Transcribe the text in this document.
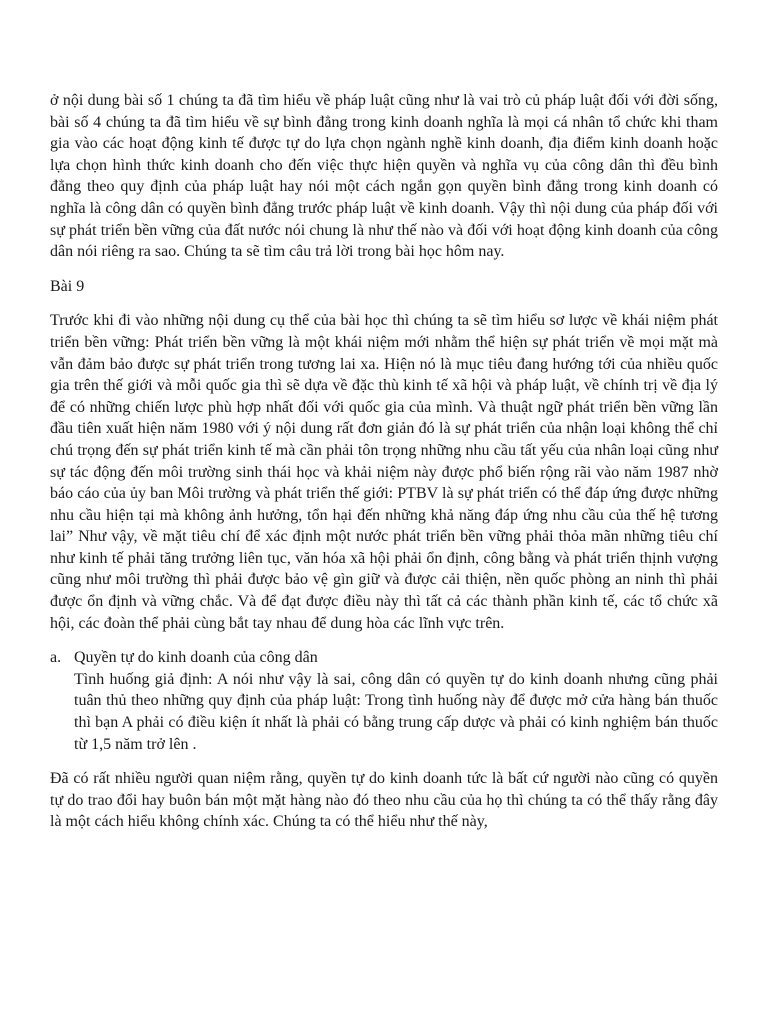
ở nội dung bài số 1 chúng ta đã tìm hiểu về pháp luật cũng như là vai trò củ pháp luật đối với đời sống, bài số 4 chúng ta đã tìm hiểu về sự bình đẳng trong kinh doanh nghĩa là mọi cá nhân tổ chức khi tham gia vào các hoạt động kinh tế được tự do lựa chọn ngành nghề kinh doanh, địa điểm kinh doanh hoặc lựa chọn hình thức kinh doanh cho đến việc thực hiện quyền và nghĩa vụ của công dân thì đều bình đẳng theo quy định của pháp luật hay nói một cách ngắn gọn quyền bình đẳng trong kinh doanh có nghĩa là công dân có quyền bình đẳng trước pháp luật về kinh doanh. Vậy thì nội dung của pháp đối với sự phát triển bền vững của đất nước nói chung là như thế nào và đối với hoạt động kinh doanh của công dân nói riêng ra sao. Chúng ta sẽ tìm câu trả lời trong bài học hôm nay.

Bài 9

Trước khi đi vào những nội dung cụ thể của bài học thì chúng ta sẽ tìm hiểu sơ lược về khái niệm phát triển bền vững: Phát triển bền vững là một khái niệm mới nhằm thể hiện sự phát triển về mọi mặt mà vẫn đảm bảo được sự phát triển trong tương lai xa. Hiện nó là mục tiêu đang hướng tới của nhiều quốc gia trên thế giới và mỗi quốc gia thì sẽ dựa về đặc thù kinh tế xã hội và pháp luật, về chính trị về địa lý để có những chiến lược phù hợp nhất đối với quốc gia của mình. Và thuật ngữ phát triển bền vững lần đầu tiên xuất hiện năm 1980 với ý nội dung rất đơn giản đó là sự phát triển của nhận loại không thể chỉ chú trọng đến sự phát triển kinh tế mà cần phải tôn trọng những nhu cầu tất yếu của nhân loại cũng như sự tác động đến môi trường sinh thái học và khải niệm này được phổ biến rộng rãi vào năm 1987 nhờ báo cáo của ủy ban Môi trường và phát triển thế giới: PTBV là sự phát triển có thể đáp ứng được những nhu cầu hiện tại mà không ảnh hưởng, tổn hại đến những khả năng đáp ứng nhu cầu của thế hệ tương lai” Như vậy, về mặt tiêu chí để xác định một nước phát triển bền vững phải thỏa mãn những tiêu chí như kinh tế phải tăng trưởng liên tục, văn hóa xã hội phải ổn định, công bằng và phát triển thịnh vượng cũng như môi trường thì phải được bảo vệ gìn giữ và được cải thiện, nền quốc phòng an ninh thì phải được ổn định và vững chắc. Và để đạt được điều này thì tất cả các thành phần kinh tế, các tổ chức xã hội, các đoàn thể phải cùng bắt tay nhau để dung hòa các lĩnh vực trên.

a. Quyền tự do kinh doanh của công dân
Tình huống giả định: A nói như vậy là sai, công dân có quyền tự do kinh doanh nhưng cũng phải tuân thủ theo những quy định của pháp luật: Trong tình huống này để được mở cửa hàng bán thuốc thì bạn A phải có điều kiện ít nhất là phải có bằng trung cấp dược và phải có kinh nghiệm bán thuốc từ 1,5 năm trở lên .

Đã có rất nhiều người quan niệm rằng, quyền tự do kinh doanh tức là bất cứ người nào cũng có quyền tự do trao đổi hay buôn bán một mặt hàng nào đó theo nhu cầu của họ thì chúng ta có thể thấy rằng đây là một cách hiểu không chính xác. Chúng ta có thể hiểu như thế này,
